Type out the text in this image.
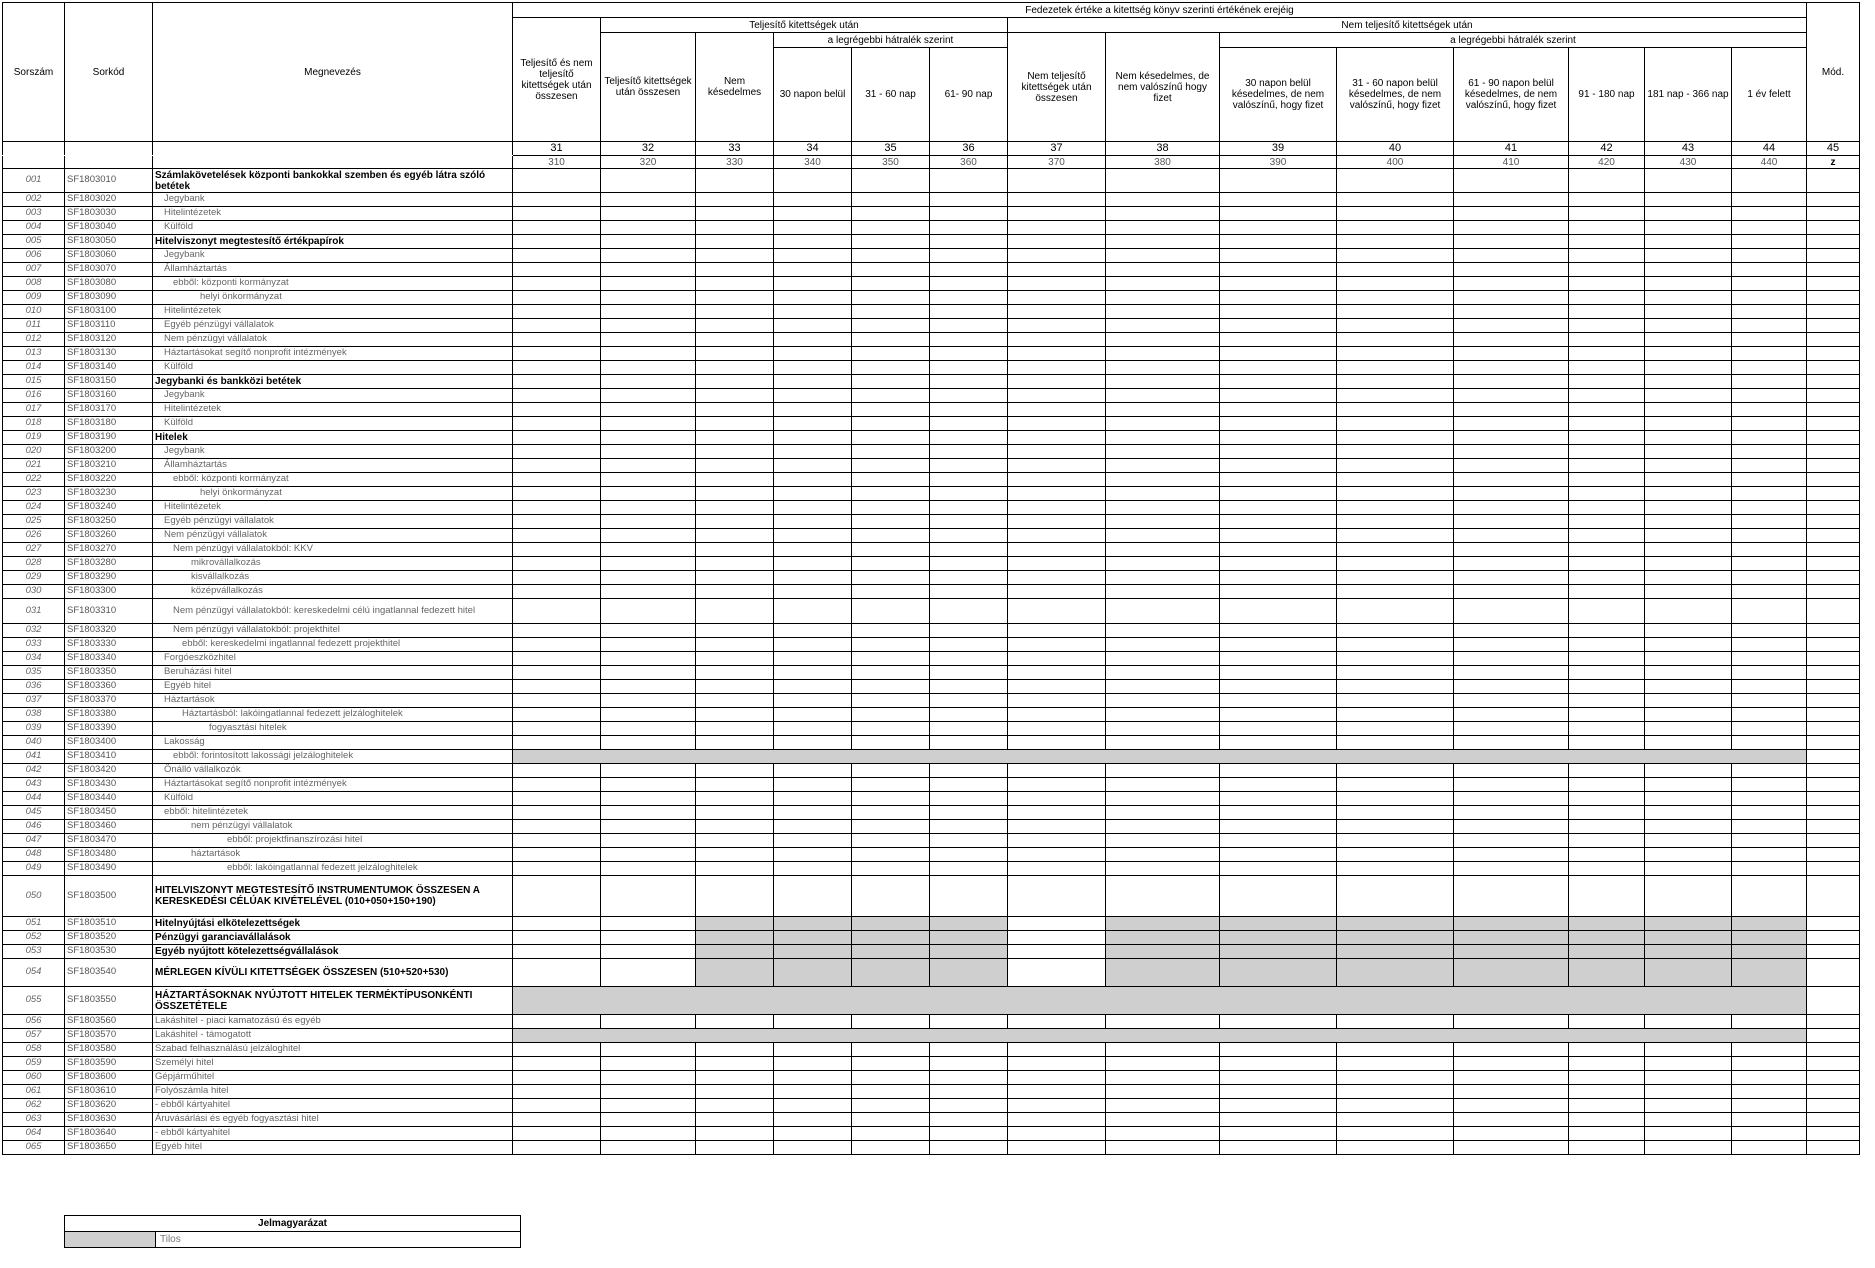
Sorszám	Sorkód	Megnevezés	Fedezetek értéke a kitettség könyv szerinti értékének erejéig														Mód.
			Teljesítő és nem teljesítő kitettségek után összesen	Teljesítő kitettségek után					Nem teljesítő kitettségek után								
				Teljesítő kitettségek után összesen	Nem késedelmes	a legrégebbi hátralék szerint			Nem teljesítő kitettségek után összesen	Nem késedelmes, de nem valószínű hogy fizet	a legrégebbi hátralék szerint						
						30 napon belül	31 - 60 nap	61- 90 nap			30 napon belül késedelmes, de nem valószínű, hogy fizet	31 - 60 napon belül késedelmes, de nem valószínű, hogy fizet	61 - 90 napon belül késedelmes, de nem valószínű, hogy fizet	91 - 180 nap	181 nap - 366 nap	1 év felett	
			31	32	33	34	35	36	37	38	39	40	41	42	43	44	45
			310	320	330	340	350	360	370	380	390	400	410	420	430	440	z
001	SF1803010	Számlakövetelések központi bankokkal szemben és egyéb látra szóló betétek															
002	SF1803020	Jegybank															
003	SF1803030	Hitelintézetek															
004	SF1803040	Külföld															
005	SF1803050	Hitelviszonyt megtestesítő értékpapírok															
006	SF1803060	Jegybank															
007	SF1803070	Államháztartás															
008	SF1803080	ebből: központi kormányzat															
009	SF1803090	helyi önkormányzat															
010	SF1803100	Hitelintézetek															
011	SF1803110	Egyéb pénzügyi vállalatok															
012	SF1803120	Nem pénzügyi vállalatok															
013	SF1803130	Háztartásokat segítő nonprofit intézmények															
014	SF1803140	Külföld															
015	SF1803150	Jegybanki és bankközi betétek															
016	SF1803160	Jegybank															
017	SF1803170	Hitelintézetek															
018	SF1803180	Külföld															
019	SF1803190	Hitelek															
020	SF1803200	Jegybank															
021	SF1803210	Államháztartás															
022	SF1803220	ebből: központi kormányzat															
023	SF1803230	helyi önkormányzat															
024	SF1803240	Hitelintézetek															
025	SF1803250	Egyéb pénzügyi vállalatok															
026	SF1803260	Nem pénzügyi vállalatok															
027	SF1803270	Nem pénzügyi vállalatokból: KKV															
028	SF1803280	mikrovállalkozás															
029	SF1803290	kisvállalkozás															
030	SF1803300	középvállalkozás															
031	SF1803310	Nem pénzügyi vállalatokból: kereskedelmi célú ingatlannal fedezett hitel															
032	SF1803320	Nem pénzügyi vállalatokból: projekthitel															
033	SF1803330	ebből: kereskedelmi ingatlannal fedezett projekthitel															
034	SF1803340	Forgóeszközhitel															
035	SF1803350	Beruházási hitel															
036	SF1803360	Egyéb hitel															
037	SF1803370	Háztartások															
038	SF1803380	Háztartásból: lakóingatlannal fedezett jelzáloghitelek															
039	SF1803390	fogyasztási hitelek															
040	SF1803400	Lakosság															
041	SF1803410	ebből: forintosított lakossági jelzáloghitelek															
042	SF1803420	Önálló vállalkozók															
043	SF1803430	Háztartásokat segítő nonprofit intézmények															
044	SF1803440	Külföld															
045	SF1803450	ebből: hitelintézetek															
046	SF1803460	nem pénzügyi vállalatok															
047	SF1803470	ebből: projektfinanszírozási hitel															
048	SF1803480	háztartások															
049	SF1803490	ebből: lakóingatlannal fedezett jelzáloghitelek															
050	SF1803500	HITELVISZONYT MEGTESTESÍTŐ INSTRUMENTUMOK ÖSSZESEN A KERESKEDÉSI CÉLÚAK KIVÉTELÉVEL (010+050+150+190)															
051	SF1803510	Hitelnyújtási elkötelezettségek															
052	SF1803520	Pénzügyi garanciavállalások															
053	SF1803530	Egyéb nyújtott kötelezettségvállalások															
054	SF1803540	MÉRLEGEN KÍVÜLI KITETTSÉGEK ÖSSZESEN (510+520+530)															
055	SF1803550	HÁZTARTÁSOKNAK NYÚJTOTT HITELEK TERMÉKTÍPUSONKÉNTI ÖSSZETÉTELE															
056	SF1803560	Lakáshitel - piaci kamatozású és egyéb															
057	SF1803570	Lakáshitel - támogatott															
058	SF1803580	Szabad felhasználású jelzáloghitel															
059	SF1803590	Személyi hitel															
060	SF1803600	Gépjárműhitel															
061	SF1803610	Folyószámla hitel															
062	SF1803620	- ebből kártyahitel															
063	SF1803630	Áruvásárlási és egyéb fogyasztási hitel															
064	SF1803640	- ebből kártyahitel															
065	SF1803650	Egyéb hitel															
Jelmagyarázat
	Tilos
